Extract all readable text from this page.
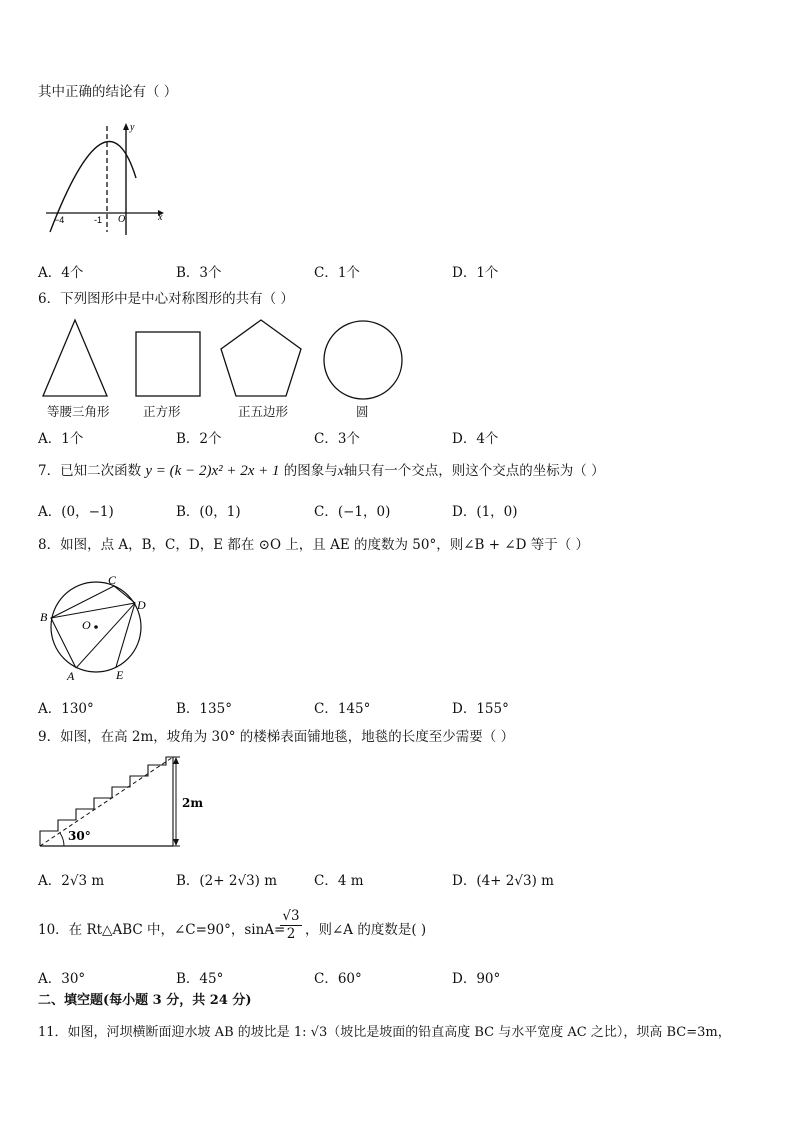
其中正确的结论有（ ）
y
x
O
-1
−4
A．4个	B．3个	C．1个	D．1个
6．下列图形中是中心对称图形的共有（ ）
等腰三角形	正方形	正五边形	圆
A．1个	B．2个	C．3个	D．4个
7．已知二次函数 y = (k − 2)x² + 2x + 1 的图象与x轴只有一个交点，则这个交点的坐标为（ ）
A．(0，−1)	B．(0，1)	C．(−1，0)	D．(1，0)
8．如图，点 A，B，C，D，E 都在 ⊙O 上，且 AE 的度数为 50°，则∠B + ∠D 等于（ ）
C
D
B
O
E
A
A．130°	B．135°	C．145°	D．155°
9．如图，在高 2m，坡角为 30° 的楼梯表面铺地毯，地毯的长度至少需要（ ）
2m
30°
A．2√3 m	B．(2+ 2√3) m	C．4 m	D．(4+ 2√3) m
10．在 Rt△ABC 中，∠C=90°，sinA=
$\frac{√3}{2}$ ，则∠A 的度数是( )
A．30°	B．45°	C．60°	D．90°
二、填空题(每小题 3 分，共 24 分)
11．如图，河坝横断面迎水坡 AB 的坡比是 1: √3（坡比是坡面的铅直高度 BC 与水平宽度 AC 之比），坝高 BC=3m，
